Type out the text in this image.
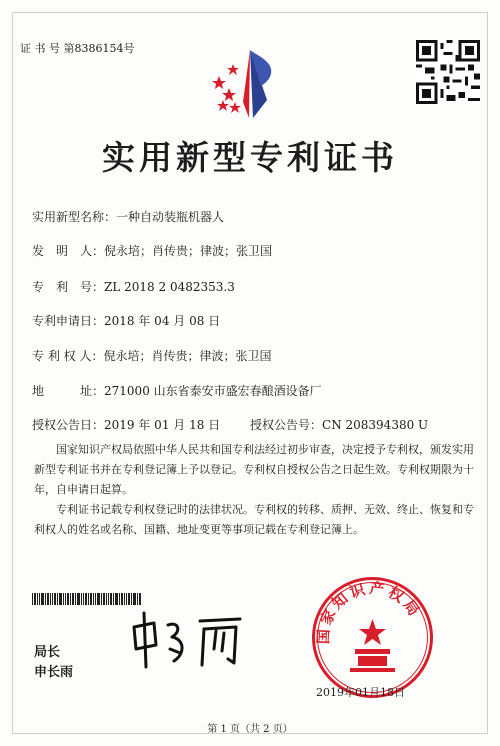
证 书 号 第8386154号
实用新型专利证书
实用新型名称：一种自动装瓶机器人
发　明　人：倪永培；肖传贵；律波；张卫国
专　利　号：ZL 2018 2 0482353.3
专利申请日：2018 年 04 月 08 日
专 利 权 人：倪永培；肖传贵；律波；张卫国
地　　　址：271000 山东省泰安市盛宏春酿酒设备厂
授权公告日：2019 年 01 月 18 日 授权公告号：CN 208394380 U
国家知识产权局依照中华人民共和国专利法经过初步审查，决定授予专利权，颁发实用新型专利证书并在专利登记簿上予以登记。专利权自授权公告之日起生效。专利权期限为十年，自申请日起算。
专利证书记载专利权登记时的法律状况。专利权的转移、质押、无效、终止、恢复和专利权人的姓名或名称、国籍、地址变更等事项记载在专利登记簿上。
局长
申长雨
国家知识产权局
2019年01月18日
第 1 页（共 2 页）
